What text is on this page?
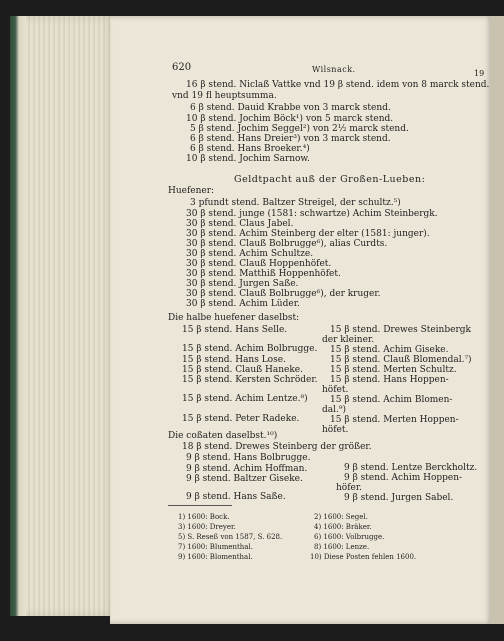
620	Wilsnack.	19
16 β stend. Niclaß Vattke vnd 19 β stend. idem von 8 marck stend.
vnd 19 fl heuptsumma.
6 β stend. Dauid Krabbe von 3 marck stend.
10 β stend. Jochim Böck¹) von 5 marck stend.
5 β stend. Jochim Seggel²) von 2½ marck stend.
6 β stend. Hans Dreier³) von 3 marck stend.
6 β stend. Hans Broeker.⁴)
10 β stend. Jochim Sarnow.
Geldtpacht auß der Großen-Lueben:
Huefener:
3 pfundt stend. Baltzer Streigel, der schultz.⁵)
30 β stend. junge (1581: schwartze) Achim Steinbergk.
30 β stend. Claus Jabel.
30 β stend. Achim Steinberg der elter (1581: junger).
30 β stend. Clauß Bolbrugge⁶), alias Curdts.
30 β stend. Achim Schultze.
30 β stend. Clauß Hoppenhöfet.
30 β stend. Matthiß Hoppenhöfet.
30 β stend. Jurgen Saße.
30 β stend. Clauß Bolbrugge⁶), der kruger.
30 β stend. Achim Lüder.
Die halbe huefener daselbst:
15 β stend. Hans Selle.
15 β stend. Achim Bolbrugge.
15 β stend. Hans Lose.
15 β stend. Clauß Haneke.
15 β stend. Kersten Schröder.
15 β stend. Achim Lentze.⁸)
15 β stend. Peter Radeke.
15 β stend. Drewes Steinbergk
der kleiner.
15 β stend. Achim Giseke.
15 β stend. Clauß Blomendal.⁷)
15 β stend. Merten Schultz.
15 β stend. Hans Hoppen-
höfet.
15 β stend. Achim Blomen-
dal.⁹)
15 β stend. Merten Hoppen-
höfet.
Die coßaten daselbst.¹⁰)
18 β stend. Drewes Steinberg der größer.
9 β stend. Hans Bolbrugge.
9 β stend. Achim Hoffman.
9 β stend. Baltzer Giseke.
9 β stend. Hans Saße.
9 β stend. Lentze Berckholtz.
9 β stend. Achim Hoppen-
höfer.
9 β stend. Jurgen Sabel.
1) 1600: Bock.
3) 1600: Dreyer.
5) S. Reseß von 1587, S. 628.
7) 1600: Blumenthal.
9) 1600: Blomenthal.
2) 1600: Segel.
4) 1600: Bräker.
6) 1600: Volbrugge.
8) 1600: Lenze.
10) Diese Posten fehlen 1600.
